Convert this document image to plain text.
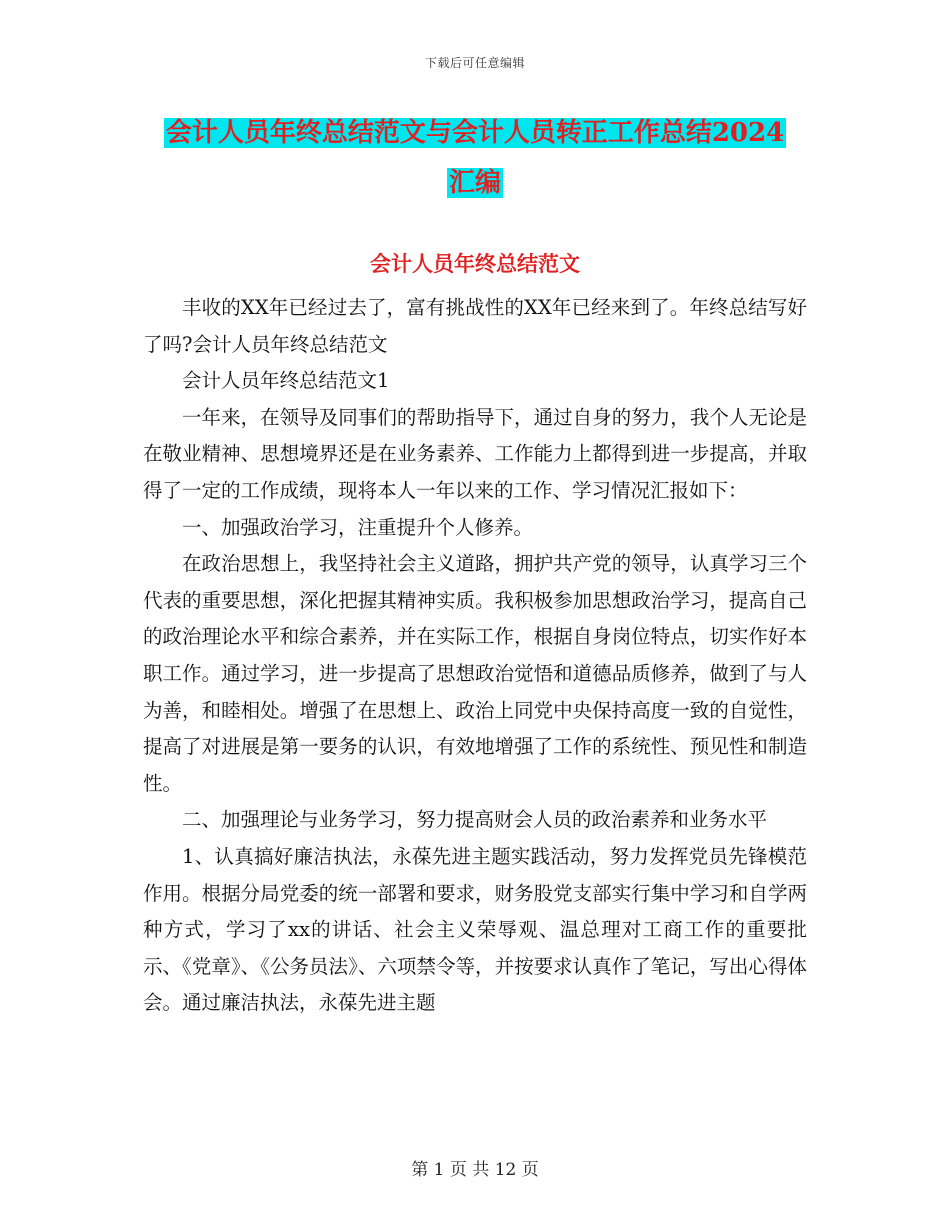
下载后可任意编辑
会计人员年终总结范文与会计人员转正工作总结2024
汇编
会计人员年终总结范文

丰收的XX年已经过去了，富有挑战性的XX年已经来到了。年终总结写好了吗?会计人员年终总结范文

会计人员年终总结范文1

一年来，在领导及同事们的帮助指导下，通过自身的努力，我个人无论是在敬业精神、思想境界还是在业务素养、工作能力上都得到进一步提高，并取得了一定的工作成绩，现将本人一年以来的工作、学习情况汇报如下：

一、加强政治学习，注重提升个人修养。

在政治思想上，我坚持社会主义道路，拥护共产党的领导，认真学习三个代表的重要思想，深化把握其精神实质。我积极参加思想政治学习，提高自己的政治理论水平和综合素养，并在实际工作，根据自身岗位特点，切实作好本职工作。通过学习，进一步提高了思想政治觉悟和道德品质修养，做到了与人为善，和睦相处。增强了在思想上、政治上同党中央保持高度一致的自觉性，提高了对进展是第一要务的认识，有效地增强了工作的系统性、预见性和制造性。

二、加强理论与业务学习，努力提高财会人员的政治素养和业务水平

1、认真搞好廉洁执法，永葆先进主题实践活动，努力发挥党员先锋模范作用。根据分局党委的统一部署和要求，财务股党支部实行集中学习和自学两种方式，学习了xx的讲话、社会主义荣辱观、温总理对工商工作的重要批示、《党章》、《公务员法》、六项禁令等，并按要求认真作了笔记，写出心得体会。通过廉洁执法，永葆先进主题

第 1 页 共 12 页
